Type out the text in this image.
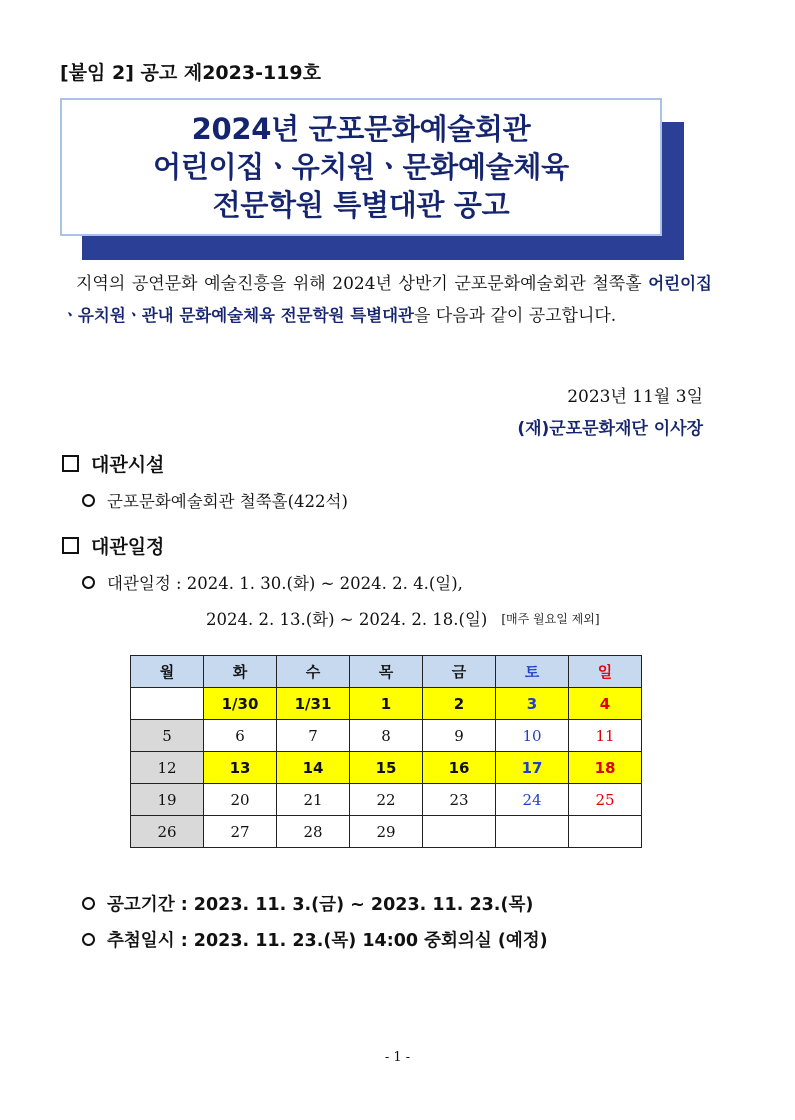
[붙임 2] 공고 제2023-119호
2024년 군포문화예술회관
어린이집ㆍ유치원ㆍ문화예술체육
전문학원 특별대관 공고
지역의 공연문화 예술진흥을 위해 2024년 상반기 군포문화예술회관 철쭉홀 어린이집ㆍ유치원ㆍ관내 문화예술체육 전문학원 특별대관을 다음과 같이 공고합니다.
2023년 11월 3일
(재)군포문화재단 이사장
대관시설
군포문화예술회관 철쭉홀(422석)
대관일정
대관일정 : 2024. 1. 30.(화) ~ 2024. 2. 4.(일),
2024. 2. 13.(화) ~ 2024. 2. 18.(일) [매주 월요일 제외]
월	화	수	목	금	토	일
	1/30	1/31	1	2	3	4
5	6	7	8	9	10	11
12	13	14	15	16	17	18
19	20	21	22	23	24	25
26	27	28	29			
공고기간 : 2023. 11. 3.(금) ~ 2023. 11. 23.(목)
추첨일시 : 2023. 11. 23.(목) 14:00 중회의실 (예정)
- 1 -
